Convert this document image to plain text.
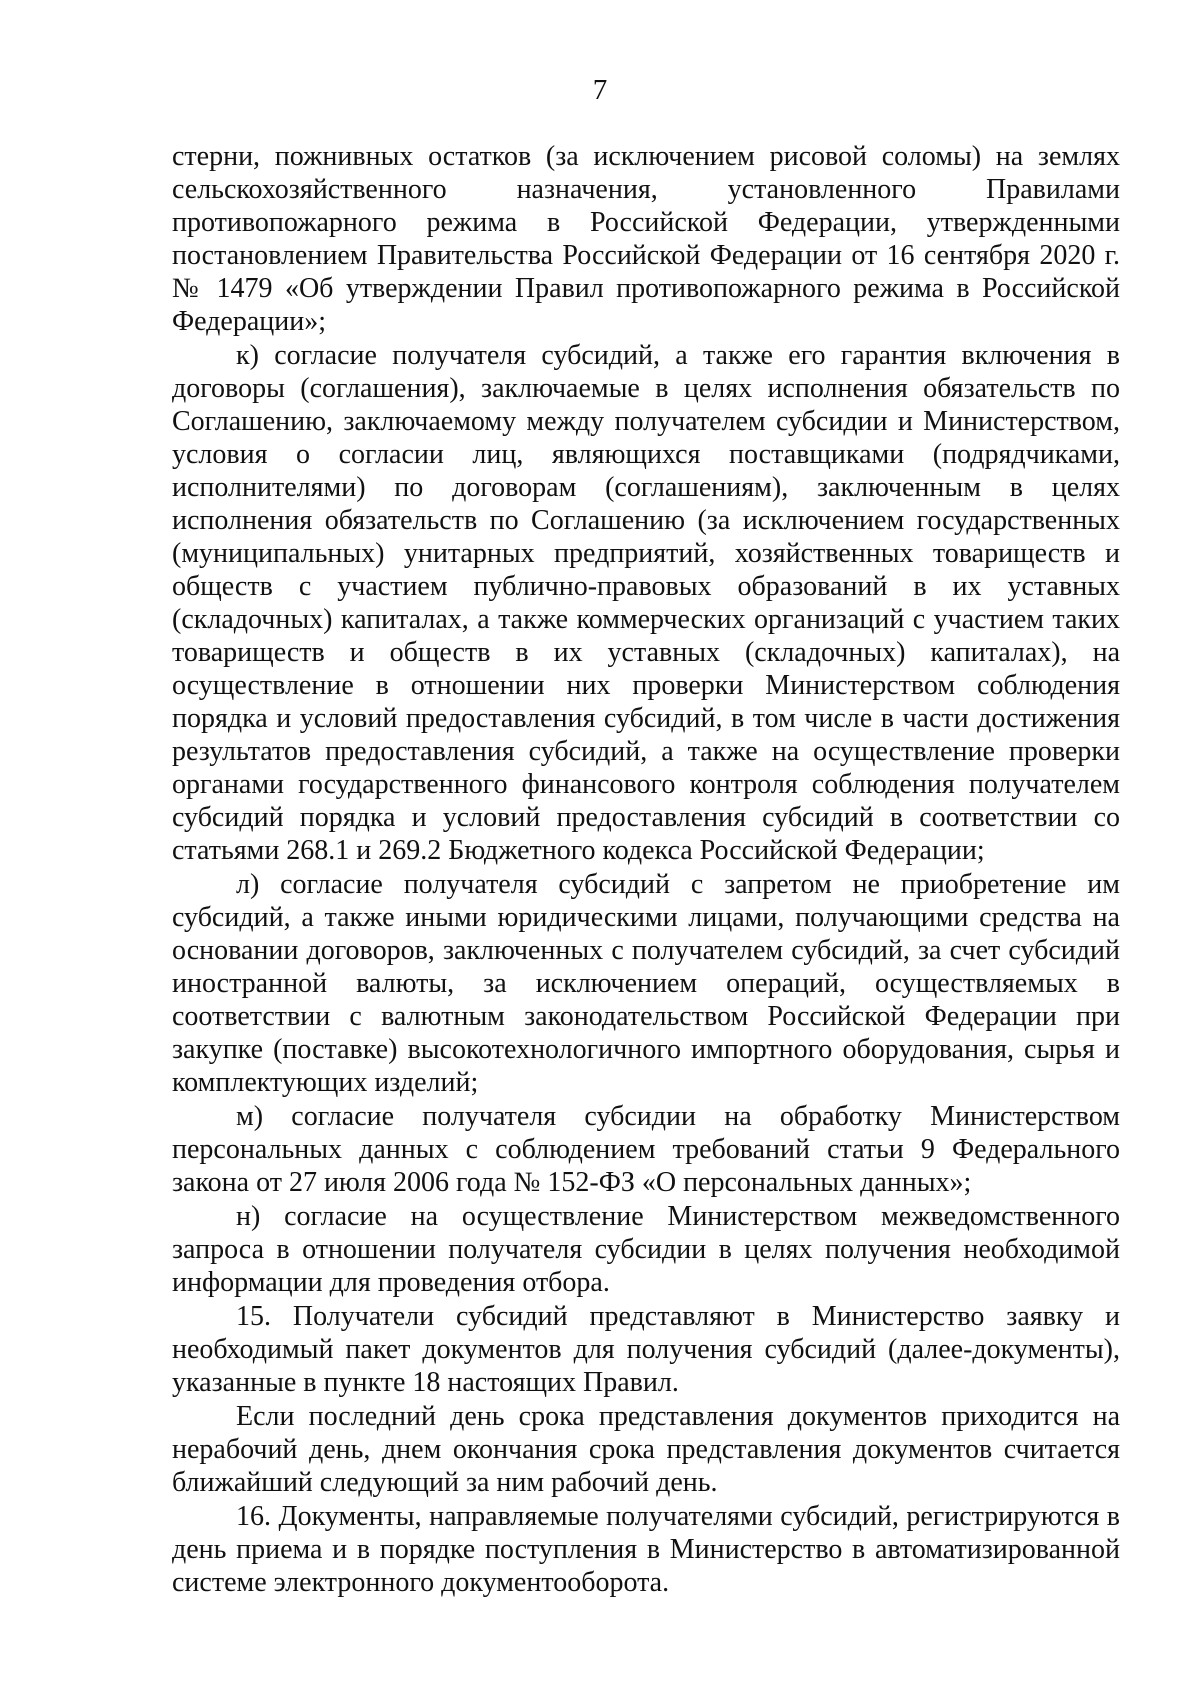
7

стерни, пожнивных остатков (за исключением рисовой соломы) на землях сельскохозяйственного назначения, установленного Правилами противопожарного режима в Российской Федерации, утвержденными постановлением Правительства Российской Федерации от 16 сентября 2020 г. № 1479 «Об утверждении Правил противопожарного режима в Российской Федерации»;

к) согласие получателя субсидий, а также его гарантия включения в договоры (соглашения), заключаемые в целях исполнения обязательств по Соглашению, заключаемому между получателем субсидии и Министерством, условия о согласии лиц, являющихся поставщиками (подрядчиками, исполнителями) по договорам (соглашениям), заключенным в целях исполнения обязательств по Соглашению (за исключением государственных (муниципальных) унитарных предприятий, хозяйственных товариществ и обществ с участием публично-правовых образований в их уставных (складочных) капиталах, а также коммерческих организаций с участием таких товариществ и обществ в их уставных (складочных) капиталах), на осуществление в отношении них проверки Министерством соблюдения порядка и условий предоставления субсидий, в том числе в части достижения результатов предоставления субсидий, а также на осуществление проверки органами государственного финансового контроля соблюдения получателем субсидий порядка и условий предоставления субсидий в соответствии со статьями 268.1 и 269.2 Бюджетного кодекса Российской Федерации;

л) согласие получателя субсидий с запретом не приобретение им субсидий, а также иными юридическими лицами, получающими средства на основании договоров, заключенных с получателем субсидий, за счет субсидий иностранной валюты, за исключением операций, осуществляемых в соответствии с валютным законодательством Российской Федерации при закупке (поставке) высокотехнологичного импортного оборудования, сырья и комплектующих изделий;

м) согласие получателя субсидии на обработку Министерством персональных данных с соблюдением требований статьи 9 Федерального закона от 27 июля 2006 года № 152-ФЗ «О персональных данных»;

н) согласие на осуществление Министерством межведомственного запроса в отношении получателя субсидии в целях получения необходимой информации для проведения отбора.

15. Получатели субсидий представляют в Министерство заявку и необходимый пакет документов для получения субсидий (далее-документы), указанные в пункте 18 настоящих Правил.

Если последний день срока представления документов приходится на нерабочий день, днем окончания срока представления документов считается ближайший следующий за ним рабочий день.

16. Документы, направляемые получателями субсидий, регистрируются в день приема и в порядке поступления в Министерство в автоматизированной системе электронного документооборота.
